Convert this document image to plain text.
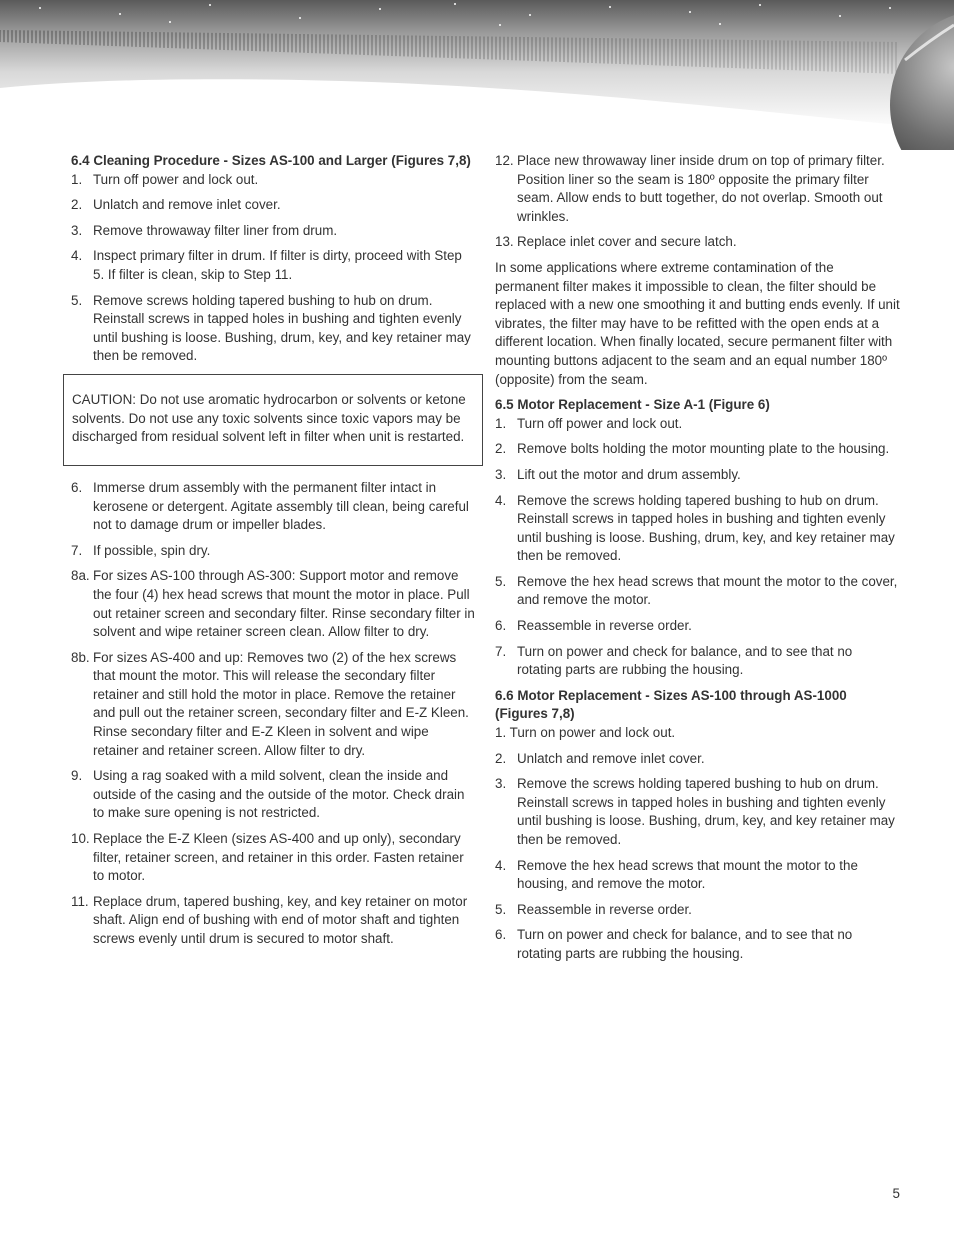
6.4 Cleaning Procedure - Sizes AS-100 and Larger (Figures 7,8)

1. Turn off power and lock out.
2. Unlatch and remove inlet cover.
3. Remove throwaway filter liner from drum.
4. Inspect primary filter in drum. If filter is dirty, proceed with Step 5. If filter is clean, skip to Step 11.
5. Remove screws holding tapered bushing to hub on drum. Reinstall screws in tapped holes in bushing and tighten evenly until bushing is loose. Bushing, drum, key, and key retainer may then be removed.
CAUTION: Do not use aromatic hydrocarbon or solvents or ketone solvents. Do not use any toxic solvents since toxic vapors may be discharged from residual solvent left in filter when unit is restarted.
6. Immerse drum assembly with the permanent filter intact in kerosene or detergent. Agitate assembly till clean, being careful not to damage drum or impeller blades.
7. If possible, spin dry.
8a. For sizes AS-100 through AS-300: Support motor and remove the four (4) hex head screws that mount the motor in place. Pull out retainer screen and secondary filter. Rinse secondary filter in solvent and wipe retainer screen clean. Allow filter to dry.
8b. For sizes AS-400 and up: Removes two (2) of the hex screws that mount the motor. This will release the secondary filter retainer and still hold the motor in place. Remove the retainer and pull out the retainer screen, secondary filter and E-Z Kleen. Rinse secondary filter and E-Z Kleen in solvent and wipe retainer and retainer screen. Allow filter to dry.
9. Using a rag soaked with a mild solvent, clean the inside and outside of the casing and the outside of the motor. Check drain to make sure opening is not restricted.
10. Replace the E-Z Kleen (sizes AS-400 and up only), secondary filter, retainer screen, and retainer in this order. Fasten retainer to motor.
11. Replace drum, tapered bushing, key, and key retainer on motor shaft. Align end of bushing with end of motor shaft and tighten screws evenly until drum is secured to motor shaft.
12. Place new throwaway liner inside drum on top of primary filter. Position liner so the seam is 180º opposite the primary filter seam. Allow ends to butt together, do not overlap. Smooth out wrinkles.
13. Replace inlet cover and secure latch.

In some applications where extreme contamination of the permanent filter makes it impossible to clean, the filter should be replaced with a new one smoothing it and butting ends evenly. If unit vibrates, the filter may have to be refitted with the open ends at a different location. When finally located, secure permanent filter with mounting buttons adjacent to the seam and an equal number 180º (opposite) from the seam.

6.5 Motor Replacement - Size A-1 (Figure 6)

1. Turn off power and lock out.
2. Remove bolts holding the motor mounting plate to the housing.
3. Lift out the motor and drum assembly.
4. Remove the screws holding tapered bushing to hub on drum. Reinstall screws in tapped holes in bushing and tighten evenly until bushing is loose. Bushing, drum, key, and key retainer may then be removed.
5. Remove the hex head screws that mount the motor to the cover, and remove the motor.
6. Reassemble in reverse order.
7. Turn on power and check for balance, and to see that no rotating parts are rubbing the housing.

6.6 Motor Replacement - Sizes AS-100 through AS-1000
(Figures 7,8)

1. Turn on power and lock out.

2. Unlatch and remove inlet cover.
3. Remove the screws holding tapered bushing to hub on drum. Reinstall screws in tapped holes in bushing and tighten evenly until bushing is loose. Bushing, drum, key, and key retainer may then be removed.
4. Remove the hex head screws that mount the motor to the housing, and remove the motor.
5. Reassemble in reverse order.
6. Turn on power and check for balance, and to see that no rotating parts are rubbing the housing.
5
